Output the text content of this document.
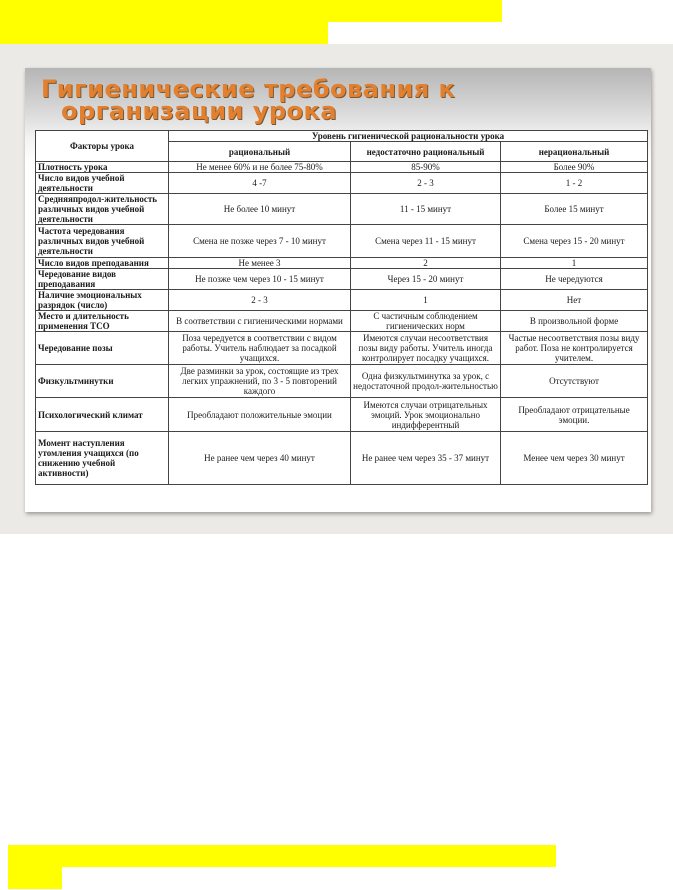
Гигиенические требования к
организации урока
Факторы урока	Уровень гигиенической рациональности урока		
	рациональный	недостаточно рациональный	нерациональный
Плотность урока	Не менее 60% и не более 75-80%	85-90%	Более 90%
Число видов учебной деятельности	4 -7	2 - 3	1 - 2
Средняяпродол-жительность различных видов учебной деятельности	Не более 10 минут	11 - 15 минут	Более 15 минут
Частота чередования различных видов учебной деятельности	Смена не позже через 7 - 10 минут	Смена через 11 - 15 минут	Смена через 15 - 20 минут
Число видов преподавания	Не менее 3	2	1
Чередование видов преподавания	Не позже чем через 10 - 15 минут	Через 15 - 20 минут	Не чередуются
Наличие эмоциональных разрядок (число)	2 - 3	1	Нет
Место и длительность применения ТСО	В соответствии с гигиеническими нормами	С частичным соблюдением гигиенических норм	В произвольной форме
Чередование позы	Поза чередуется в соответствии с видом работы. Учитель наблюдает за посадкой учащихся.	Имеются случаи несоответствия позы виду работы. Учитель иногда контролирует посадку учащихся.	Частые несоответствия позы виду работ. Поза не контролируется учителем.
Физкультминутки	Две разминки за урок, состоящие из трех легких упражнений, по 3 - 5 повторений каждого	Одна физкультминутка за урок, с недостаточной продол-жительностью	Отсутствуют
Психологический климат	Преобладают положительные эмоции	Имеются случаи отрицательных эмоций. Урок эмоционально индифферентный	Преобладают отрицательные эмоции.
Момент наступления утомления учащихся (по снижению учебной активности)	Не ранее чем через 40 минут	Не ранее чем через 35 - 37 минут	Менее чем через 30 минут
